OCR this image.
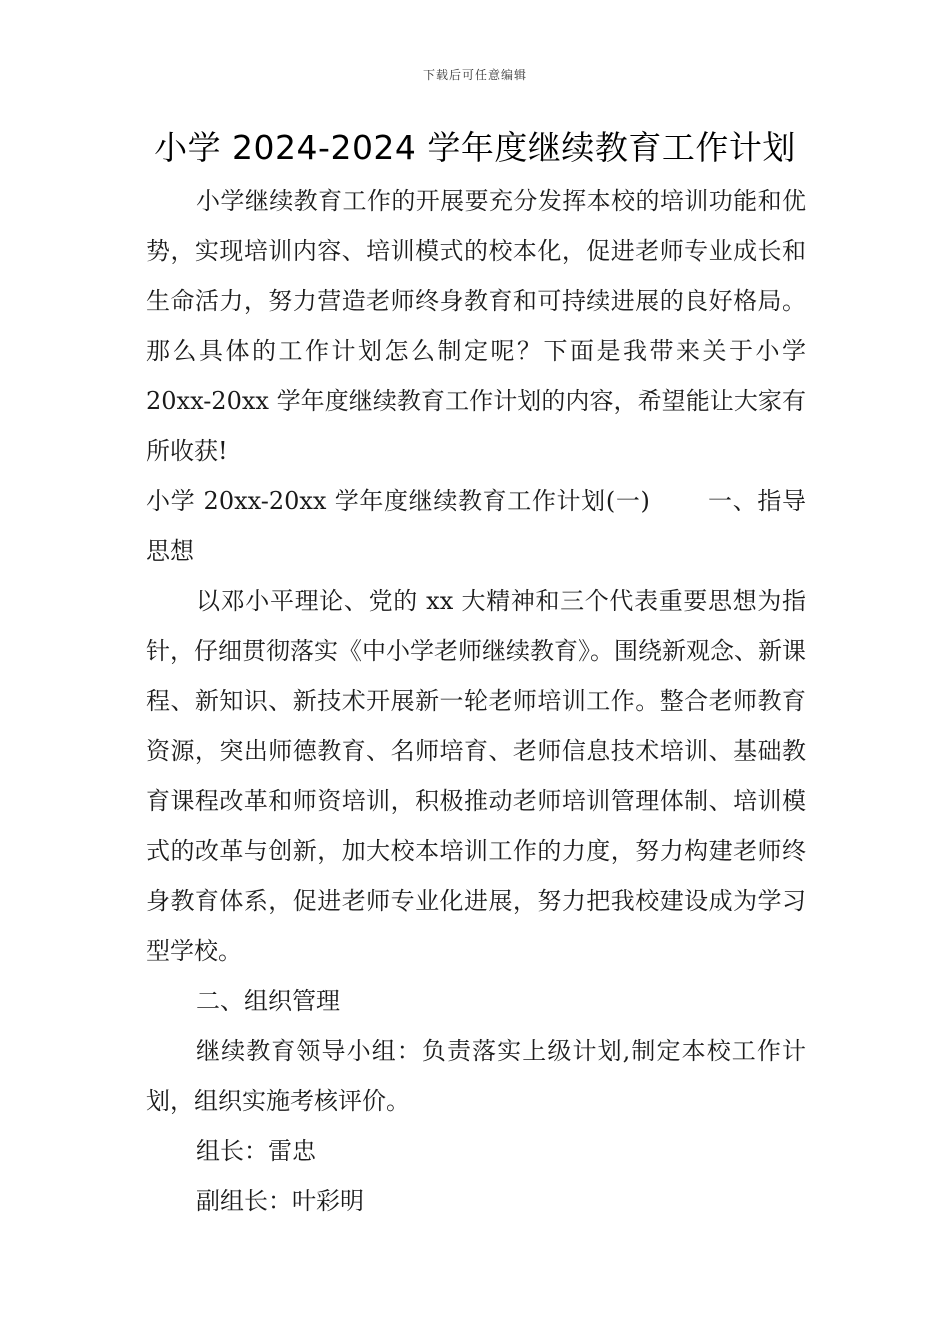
下载后可任意编辑
小学 2024-2024 学年度继续教育工作计划

小学继续教育工作的开展要充分发挥本校的培训功能和优势，实现培训内容、培训模式的校本化，促进老师专业成长和生命活力，努力营造老师终身教育和可持续进展的良好格局。那么具体的工作计划怎么制定呢？下面是我带来关于小学 20xx-20xx 学年度继续教育工作计划的内容，希望能让大家有所收获!

小学 20xx-20xx 学年度继续教育工作计划(一)　　 一、指导思想

以邓小平理论、党的 xx 大精神和三个代表重要思想为指针，仔细贯彻落实《中小学老师继续教育》。围绕新观念、新课程、新知识、新技术开展新一轮老师培训工作。整合老师教育资源，突出师德教育、名师培育、老师信息技术培训、基础教育课程改革和师资培训，积极推动老师培训管理体制、培训模式的改革与创新，加大校本培训工作的力度，努力构建老师终身教育体系，促进老师专业化进展，努力把我校建设成为学习型学校。

二、组织管理

继续教育领导小组：负责落实上级计划,制定本校工作计划，组织实施考核评价。

组长：雷忠

副组长：叶彩明
